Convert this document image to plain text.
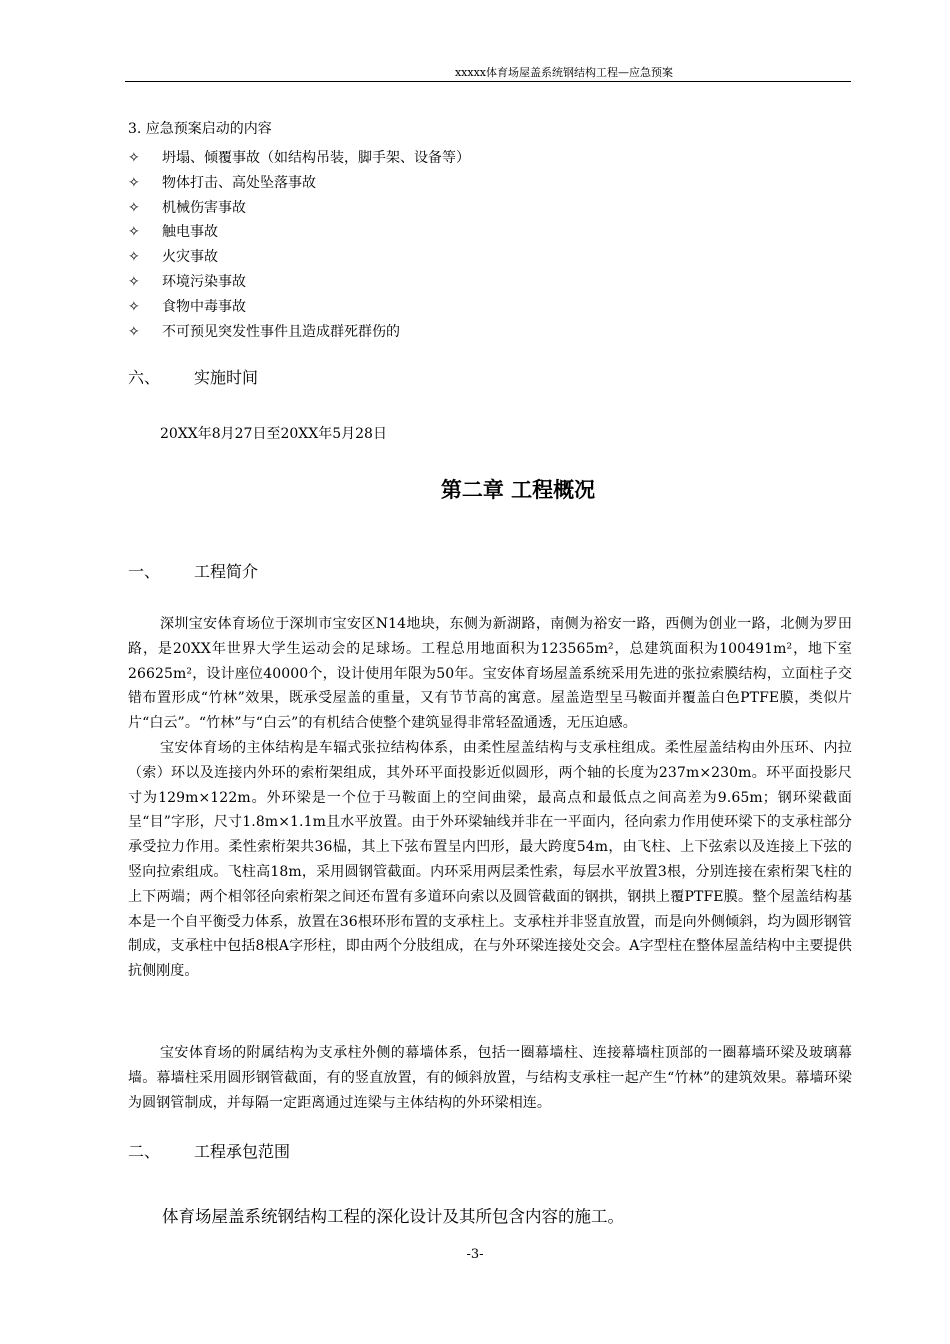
xxxxx体育场屋盖系统钢结构工程—应急预案
3. 应急预案启动的内容
✧ 坍塌、倾覆事故（如结构吊装，脚手架、设备等）
✧ 物体打击、高处坠落事故
✧ 机械伤害事故
✧ 触电事故
✧ 火灾事故
✧ 环境污染事故
✧ 食物中毒事故
✧ 不可预见突发性事件且造成群死群伤的
六、 实施时间
20XX年8月27日至20XX年5月28日
第二章 工程概况
一、 工程简介
深圳宝安体育场位于深圳市宝安区N14地块，东侧为新湖路，南侧为裕安一路，西侧为创业一路，北侧为罗田路，是20XX年世界大学生运动会的足球场。工程总用地面积为123565m²，总建筑面积为100491m²，地下室26625m²，设计座位40000个，设计使用年限为50年。宝安体育场屋盖系统采用先进的张拉索膜结构，立面柱子交错布置形成“竹林”效果，既承受屋盖的重量，又有节节高的寓意。屋盖造型呈马鞍面并覆盖白色PTFE膜，类似片片“白云”。“竹林”与“白云”的有机结合使整个建筑显得非常轻盈通透，无压迫感。
宝安体育场的主体结构是车辐式张拉结构体系，由柔性屋盖结构与支承柱组成。柔性屋盖结构由外压环、内拉（索）环以及连接内外环的索桁架组成，其外环平面投影近似圆形，两个轴的长度为237m×230m。环平面投影尺寸为129m×122m。外环梁是一个位于马鞍面上的空间曲梁，最高点和最低点之间高差为9.65m；钢环梁截面呈“目”字形，尺寸1.8m×1.1m且水平放置。由于外环梁轴线并非在一平面内，径向索力作用使环梁下的支承柱部分承受拉力作用。柔性索桁架共36榀，其上下弦布置呈内凹形，最大跨度54m，由飞柱、上下弦索以及连接上下弦的竖向拉索组成。飞柱高18m，采用圆钢管截面。内环采用两层柔性索，每层水平放置3根，分别连接在索桁架飞柱的上下两端；两个相邻径向索桁架之间还布置有多道环向索以及圆管截面的钢拱，钢拱上覆PTFE膜。整个屋盖结构基本是一个自平衡受力体系，放置在36根环形布置的支承柱上。支承柱并非竖直放置，而是向外侧倾斜，均为圆形钢管制成，支承柱中包括8根A字形柱，即由两个分肢组成，在与外环梁连接处交会。A字型柱在整体屋盖结构中主要提供抗侧刚度。
宝安体育场的附属结构为支承柱外侧的幕墙体系，包括一圈幕墙柱、连接幕墙柱顶部的一圈幕墙环梁及玻璃幕墙。幕墙柱采用圆形钢管截面，有的竖直放置，有的倾斜放置，与结构支承柱一起产生“竹林”的建筑效果。幕墙环梁为圆钢管制成，并每隔一定距离通过连梁与主体结构的外环梁相连。
二、 工程承包范围
体育场屋盖系统钢结构工程的深化设计及其所包含内容的施工。
-3-
